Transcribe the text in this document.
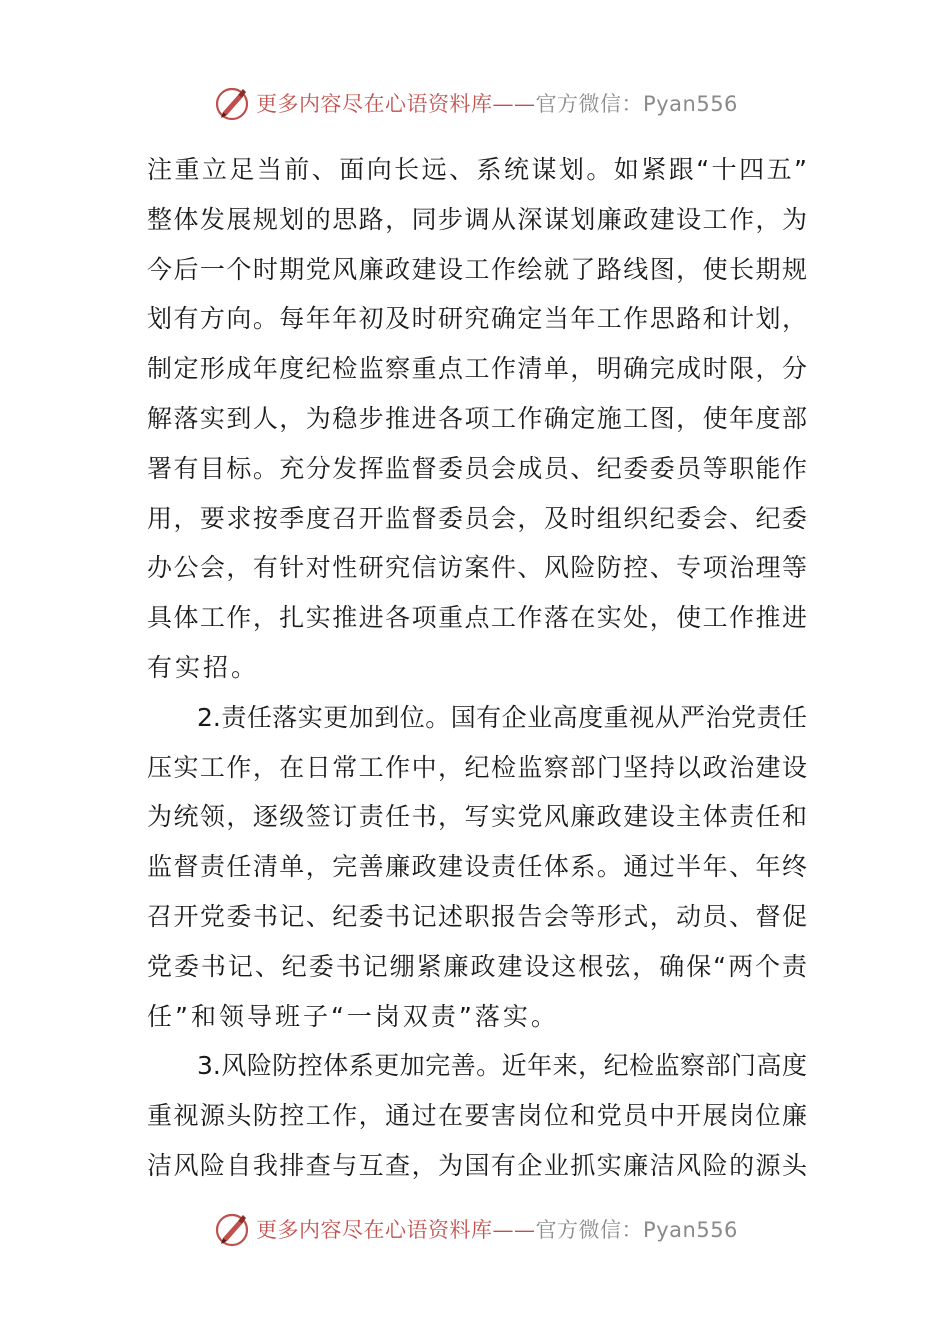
更多内容尽在心语资料库——官方微信：Pyan556
注重立足当前、面向长远、系统谋划。如紧跟“十四五”
整体发展规划的思路，同步调从深谋划廉政建设工作，为
今后一个时期党风廉政建设工作绘就了路线图，使长期规
划有方向。每年年初及时研究确定当年工作思路和计划，
制定形成年度纪检监察重点工作清单，明确完成时限，分
解落实到人，为稳步推进各项工作确定施工图，使年度部
署有目标。充分发挥监督委员会成员、纪委委员等职能作
用，要求按季度召开监督委员会，及时组织纪委会、纪委
办公会，有针对性研究信访案件、风险防控、专项治理等
具体工作，扎实推进各项重点工作落在实处，使工作推进
有实招。
2.责任落实更加到位。国有企业高度重视从严治党责任
压实工作，在日常工作中，纪检监察部门坚持以政治建设
为统领，逐级签订责任书，写实党风廉政建设主体责任和
监督责任清单，完善廉政建设责任体系。通过半年、年终
召开党委书记、纪委书记述职报告会等形式，动员、督促
党委书记、纪委书记绷紧廉政建设这根弦，确保“两个责
任”和领导班子“一岗双责”落实。
3.风险防控体系更加完善。近年来，纪检监察部门高度
重视源头防控工作，通过在要害岗位和党员中开展岗位廉
洁风险自我排查与互查，为国有企业抓实廉洁风险的源头
更多内容尽在心语资料库——官方微信：Pyan556
